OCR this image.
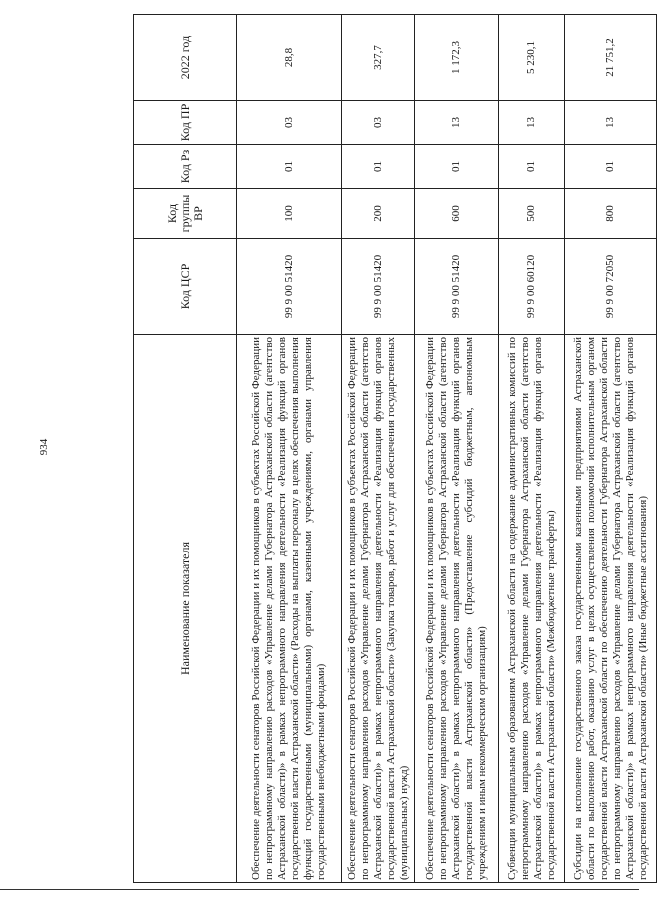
934
Наименование показателя	Код ЦСР	Код группы ВР	Код Рз	Код ПР	2022 год
Обеспечение деятельности сенаторов Российской Федерации и их помощников в субъектах Российской Федерации по непрограммному направлению расходов «Управление делами Губернатора Астраханской области (агентство Астраханской области)» в рамках непрограммного направления деятельности «Реализация функций органов государственной власти Астраханской области» (Расходы на выплаты персоналу в целях обеспечения выполнения функций государственными (муниципальными) органами, казенными учреждениями, органами управления государственными внебюджетными фондами)	99 9 00 51420	100	01	03	28,8
Обеспечение деятельности сенаторов Российской Федерации и их помощников в субъектах Российской Федерации по непрограммному направлению расходов «Управление делами Губернатора Астраханской области (агентство Астраханской области)» в рамках непрограммного направления деятельности «Реализация функций органов государственной власти Астраханской области» (Закупка товаров, работ и услуг для обеспечения государственных (муниципальных) нужд)	99 9 00 51420	200	01	03	327,7
Обеспечение деятельности сенаторов Российской Федерации и их помощников в субъектах Российской Федерации по непрограммному направлению расходов «Управление делами Губернатора Астраханской области (агентство Астраханской области)» в рамках непрограммного направления деятельности «Реализация функций органов государственной власти Астраханской области» (Предоставление субсидий бюджетным, автономным учреждениям и иным некоммерческим организациям)	99 9 00 51420	600	01	13	1 172,3
Субвенции муниципальным образованиям Астраханской области на содержание административных комиссий по непрограммному направлению расходов «Управление делами Губернатора Астраханской области (агентство Астраханской области)» в рамках непрограммного направления деятельности «Реализация функций органов государственной власти Астраханской области» (Межбюджетные трансферты)	99 9 00 60120	500	01	13	5 230,1
Субсидии на исполнение государственного заказа государственными казенными предприятиями Астраханской области по выполнению работ, оказанию услуг в целях осуществления полномочий исполнительным органом государственной власти Астраханской области по обеспечению деятельности Губернатора Астраханской области по непрограммному направлению расходов «Управление делами Губернатора Астраханской области (агентство Астраханской области)» в рамках непрограммного направления деятельности «Реализация функций органов государственной власти Астраханской области» (Иные бюджетные ассигнования)	99 9 00 72050	800	01	13	21 751,2
